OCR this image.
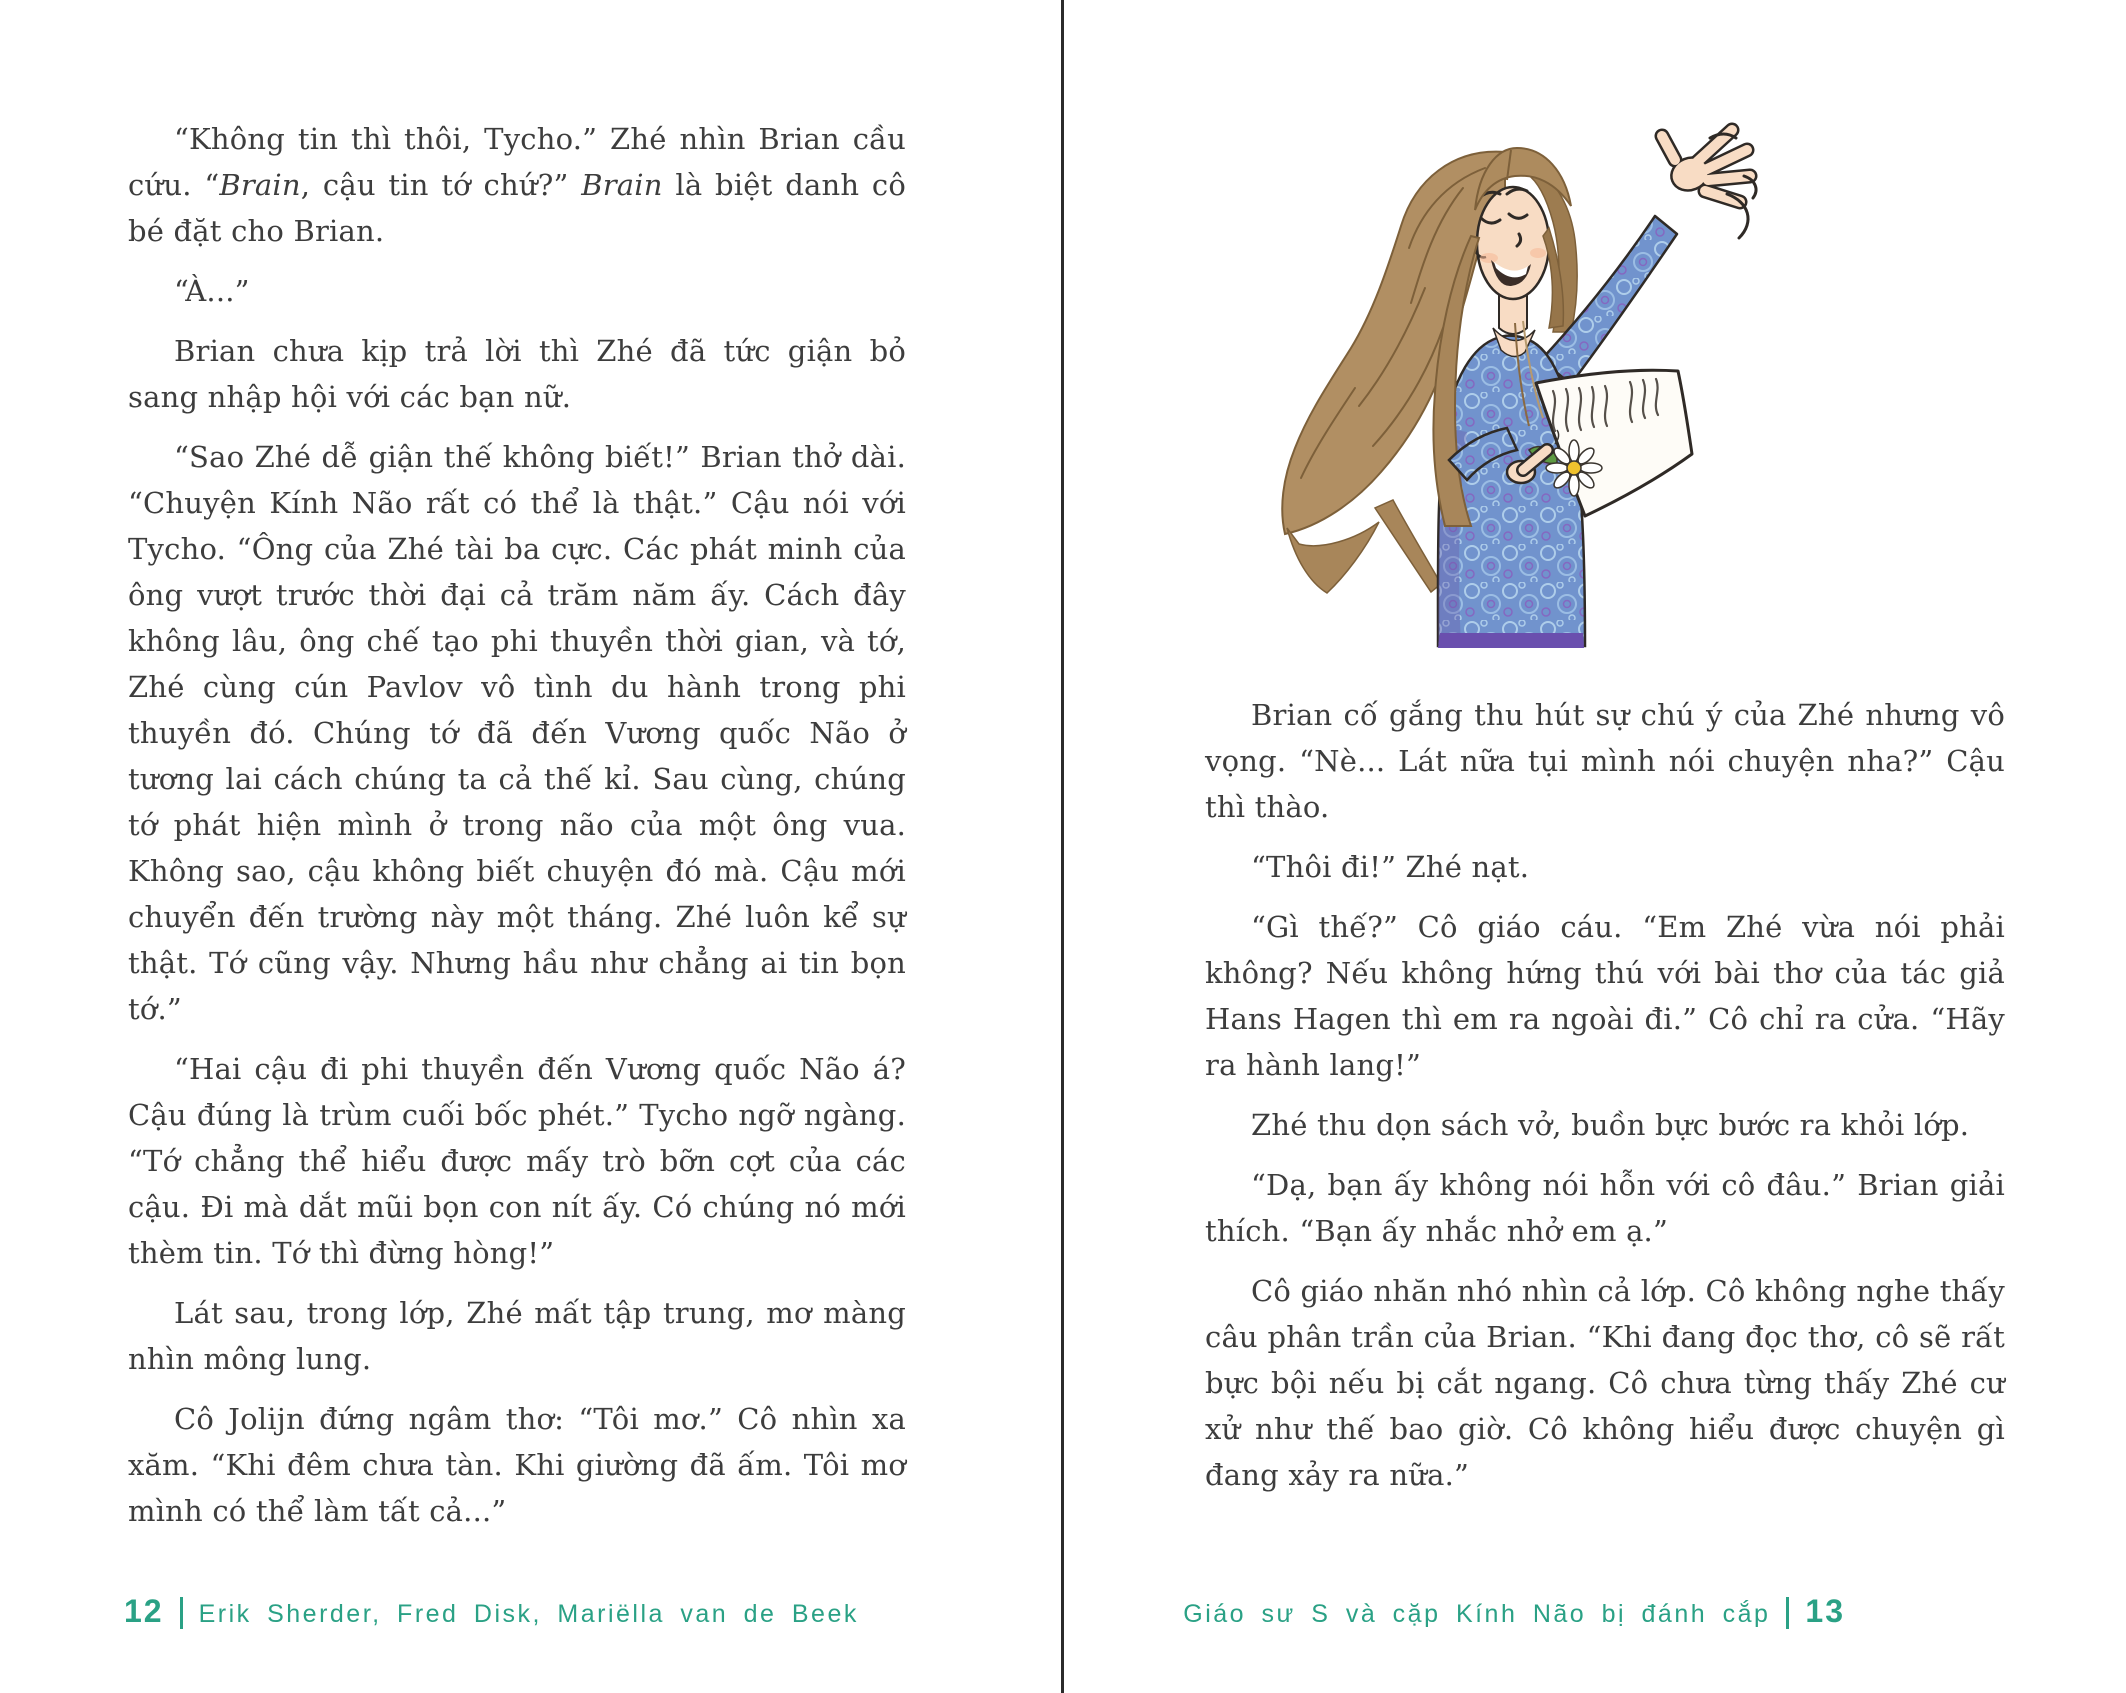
“Không tin thì thôi, Tycho.” Zhé nhìn Brian cầu cứu. “Brain, cậu tin tớ chứ?” Brain là biệt danh cô bé đặt cho Brian.

“À...”

Brian chưa kịp trả lời thì Zhé đã tức giận bỏ sang nhập hội với các bạn nữ.

“Sao Zhé dễ giận thế không biết!” Brian thở dài. “Chuyện Kính Não rất có thể là thật.” Cậu nói với Tycho. “Ông của Zhé tài ba cực. Các phát minh của ông vượt trước thời đại cả trăm năm ấy. Cách đây không lâu, ông chế tạo phi thuyền thời gian, và tớ, Zhé cùng cún Pavlov vô tình du hành trong phi thuyền đó. Chúng tớ đã đến Vương quốc Não ở tương lai cách chúng ta cả thế kỉ. Sau cùng, chúng tớ phát hiện mình ở trong não của một ông vua. Không sao, cậu không biết chuyện đó mà. Cậu mới chuyển đến trường này một tháng. Zhé luôn kể sự thật. Tớ cũng vậy. Nhưng hầu như chẳng ai tin bọn tớ.”

“Hai cậu đi phi thuyền đến Vương quốc Não á? Cậu đúng là trùm cuối bốc phét.” Tycho ngỡ ngàng. “Tớ chẳng thể hiểu được mấy trò bỡn cợt của các cậu. Đi mà dắt mũi bọn con nít ấy. Có chúng nó mới thèm tin. Tớ thì đừng hòng!”

Lát sau, trong lớp, Zhé mất tập trung, mơ màng nhìn mông lung.

Cô Jolijn đứng ngâm thơ: “Tôi mơ.” Cô nhìn xa xăm. “Khi đêm chưa tàn. Khi giường đã ấm. Tôi mơ mình có thể làm tất cả...”

12 Erik Sherder, Fred Disk, Mariëlla van de Beek

Brian cố gắng thu hút sự chú ý của Zhé nhưng vô vọng. “Nè... Lát nữa tụi mình nói chuyện nha?” Cậu thì thào.

“Thôi đi!” Zhé nạt.

“Gì thế?” Cô giáo cáu. “Em Zhé vừa nói phải không? Nếu không hứng thú với bài thơ của tác giả Hans Hagen thì em ra ngoài đi.” Cô chỉ ra cửa. “Hãy ra hành lang!”

Zhé thu dọn sách vở, buồn bực bước ra khỏi lớp.

“Dạ, bạn ấy không nói hỗn với cô đâu.” Brian giải thích. “Bạn ấy nhắc nhở em ạ.”

Cô giáo nhăn nhó nhìn cả lớp. Cô không nghe thấy câu phân trần của Brian. “Khi đang đọc thơ, cô sẽ rất bực bội nếu bị cắt ngang. Cô chưa từng thấy Zhé cư xử như thế bao giờ. Cô không hiểu được chuyện gì đang xảy ra nữa.”

Giáo sư S và cặp Kính Não bị đánh cắp 13
